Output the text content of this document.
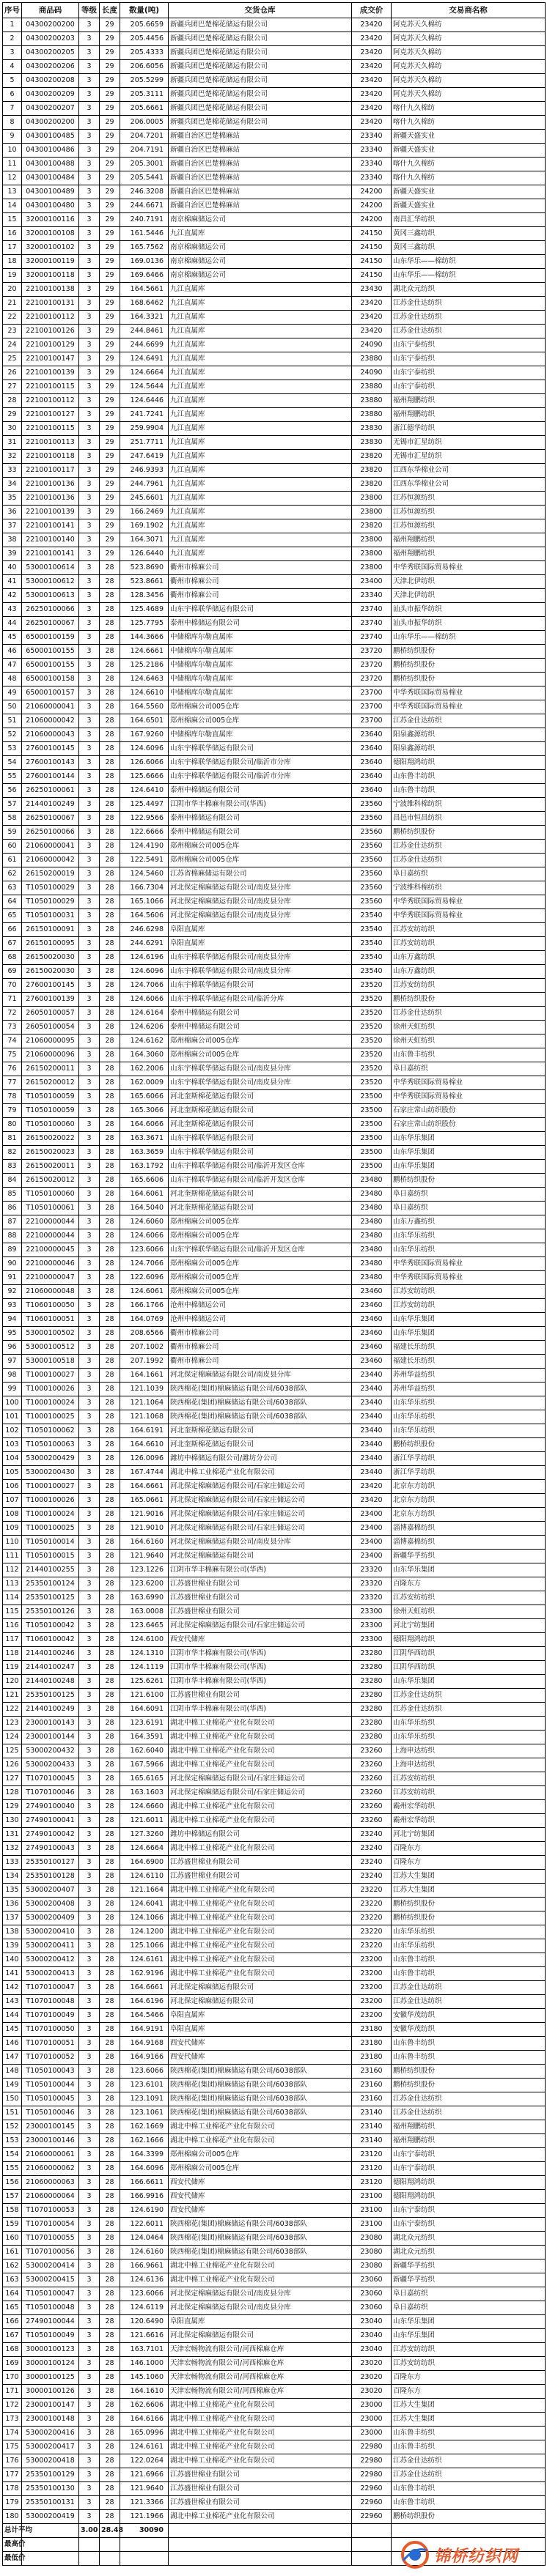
序号	商品码	等级	长度	数量(吨)	交货仓库	成交价	交易商名称
1	04300200200	3	29	205.6659	新疆兵团巴楚棉花储运有限公司	23420	阿克苏天久棉纺
2	04300200203	3	29	205.4456	新疆兵团巴楚棉花储运有限公司	23420	阿克苏天久棉纺
3	04300200205	3	29	205.4333	新疆兵团巴楚棉花储运有限公司	23420	阿克苏天久棉纺
4	04300200206	3	29	206.6056	新疆兵团巴楚棉花储运有限公司	23420	阿克苏天久棉纺
5	04300200208	3	29	205.5299	新疆兵团巴楚棉花储运有限公司	23420	阿克苏天久棉纺
6	04300200209	3	29	205.3111	新疆兵团巴楚棉花储运有限公司	23420	阿克苏天久棉纺
7	04300200207	3	29	205.6661	新疆兵团巴楚棉花储运有限公司	23420	喀什九久棉纺
8	04300200200	3	29	206.0005	新疆兵团巴楚棉花储运有限公司	23420	喀什九久棉纺
9	04300100485	3	29	204.7201	新疆自治区巴楚棉麻站	23340	新疆天盛实业
10	04300100486	3	29	204.7191	新疆自治区巴楚棉麻站	23340	新疆天盛实业
11	04300100488	3	29	205.3001	新疆自治区巴楚棉麻站	23340	喀什九久棉纺
12	04300100484	3	29	205.5441	新疆自治区巴楚棉麻站	23340	喀什九久棉纺
13	04300100489	3	29	246.3208	新疆自治区巴楚棉麻站	24200	新疆天盛实业
14	04300100480	3	29	244.6671	新疆自治区巴楚棉麻站	24200	新疆天盛实业
15	32000100116	3	29	240.7191	南京棉麻储运公司	24200	南昌汇华纺织
16	32000100108	3	29	161.5446	九江直属库	24150	黄冈三鑫纺织
17	32000100102	3	29	165.7562	南京棉麻储运公司	24150	黄冈三鑫纺织
18	32000100119	3	29	169.0136	南京棉麻储运公司	24150	山东华乐——棉纺织
19	32000100118	3	29	169.6466	南京棉麻储运公司	24150	山东华乐——棉纺织
20	22100100138	3	29	164.5661	九江直属库	23430	湖北众元纺织
21	22100100131	3	29	168.6462	九江直属库	23420	江苏金仕达纺织
22	22100100112	3	29	164.3321	九江直属库	23420	江苏金仕达纺织
23	22100100126	3	29	244.8461	九江直属库	23420	江苏金仕达纺织
24	22100100129	3	29	244.6699	九江直属库	24090	山东宁泰纺织
25	22100100147	3	29	124.6491	九江直属库	23880	山东宁泰纺织
26	22100100139	3	29	124.6664	九江直属库	24090	山东宁泰纺织
27	22100100115	3	29	124.5644	九江直属库	23880	山东宁泰纺织
28	22100100112	3	29	124.6446	九江直属库	23880	福州翔鹏纺织
29	22100100127	3	29	241.7241	九江直属库	23880	福州翔鹏纺织
30	22100100115	3	29	259.9904	九江直属库	23830	浙江德华纺织
31	22100100113	3	29	251.7711	九江直属库	23830	无锡市汇星纺织
32	22100100118	3	29	247.6419	九江直属库	23820	无锡市汇星纺织
33	22100100117	3	29	246.9393	九江直属库	23820	江西东华棉业公司
34	22100100136	3	29	244.7961	九江直属库	23820	江西东华棉业公司
35	22100100136	3	29	245.6601	九江直属库	23800	江苏恒源纺织
36	22100100139	3	29	166.2469	九江直属库	23800	江苏恒源纺织
37	22100100141	3	29	169.1902	九江直属库	23820	江苏恒源纺织
38	22100100140	3	29	164.3071	九江直属库	23800	福州翔鹏纺织
39	22100100141	3	29	126.6440	九江直属库	23800	福州翔鹏纺织
40	53000100614	3	28	523.8690	衢州市棉麻公司	23800	中华秀联国际贸易棉业
41	53000100612	3	28	523.8661	衢州市棉麻公司	23400	天津北伊纺织
42	53000100613	3	28	128.3456	衢州市棉麻公司	23340	天津北伊纺织
43	26250100066	3	28	125.4689	山东宇棉联华储运有限公司	23740	汕头市振华纺织
44	26250100067	3	28	125.7795	泰州中棉储运有限公司	23740	汕头市振华纺织
45	65000100159	3	28	144.3666	中储棉库尔勒直属库	23740	山东华乐——棉纺织
46	65000100155	3	28	124.6661	中储棉库尔勒直属库	23720	鹏桥纺织股份
47	65000100155	3	28	125.2186	中储棉库尔勒直属库	23720	鹏桥纺织股份
48	65000100158	3	28	124.6463	中储棉库尔勒直属库	23720	鹏桥纺织股份
49	65000100157	3	28	124.6610	中储棉库尔勒直属库	23700	中华秀联国际贸易棉业
50	21060000041	3	28	164.5560	郑州棉麻公司005仓库	23700	中华秀联国际贸易棉业
51	21060000042	3	28	164.6501	郑州棉麻公司005仓库	23700	江苏金仕达纺织
52	21060000043	3	28	167.9260	中储棉库尔勒直属库	23640	阳泉鑫源纺织
53	27600100145	3	28	124.6096	山东宇棉联华储运有限公司	23640	阳泉鑫源纺织
54	27600100143	3	28	126.6066	山东宇棉联华储运有限公司/临沂市分库	23640	德阳翔鸿纺织
55	27600100144	3	28	125.6666	山东宇棉联华储运有限公司/临沂市分库	23640	山东鲁丰纺织
56	26250100061	3	28	124.6410	泰州中棉储运有限公司	23640	山东鲁丰纺织
57	21440100249	3	28	125.4497	江阴市华丰棉麻有限公司(华西)	23560	宁波维科棉纺织
58	26250100067	3	28	122.9566	泰州中棉储运有限公司	23560	昌邑市恒昌纺织
59	26250100066	3	28	122.6666	泰州中棉储运有限公司	23560	鹏桥纺织股份
60	21060000041	3	28	124.4190	郑州棉麻公司005仓库	23560	江苏金仕达纺织
61	21060000042	3	28	122.5491	郑州棉麻公司005仓库	23560	江苏金仕达纺织
62	26150200019	3	28	124.5460	江苏省棉麻储运有限公司	23560	阜日嘉纺织
63	T1050100029	3	28	166.7304	河北保定棉麻储运有限公司/南皮县分库	23560	宁波维科棉纺织
64	T1050100029	3	28	165.1066	河北保定棉麻储运有限公司/南皮县分库	23560	中华秀联国际贸易棉业
65	T1050100031	3	28	164.5606	河北保定棉麻储运有限公司/南皮县分库	23540	中华秀联国际贸易棉业
66	26150100091	3	28	246.6298	阜阳直属库	23540	江苏安纺纺织
67	26150100095	3	28	244.6291	阜阳直属库	23540	江苏安纺纺织
68	26150020030	3	28	124.6196	山东宇棉联华储运有限公司/南皮县分库	23540	山东万鑫纺织
69	26150020030	3	28	124.6096	山东宇棉联华储运有限公司/南皮县分库	23540	山东万鑫纺织
70	27600100145	3	28	124.7066	山东宇棉联华储运有限公司	23520	江苏安纺纺织
71	27600100139	3	28	124.6066	山东宇棉联华储运有限公司/临沂分库	23520	鹏桥纺织股份
72	26050100057	3	28	124.6164	泰州中棉储运有限公司	23520	江苏金仕达纺织
73	26050100054	3	28	124.6206	泰州中棉储运有限公司	23520	徐州天虹纺织
74	21060000095	3	28	124.6162	郑州棉麻公司005仓库	23520	徐州天虹纺织
75	21060000096	3	28	164.3060	郑州棉麻公司005仓库	23520	山东鲁丰纺织
76	26150200011	3	28	162.2006	山东宇棉联华储运有限公司/南皮县分库	23520	阜日嘉纺织
77	26150200012	3	28	162.0009	山东宇棉联华储运有限公司/南皮县分库	23520	中华秀联国际贸易棉业
78	T1050100059	3	28	165.6066	河北奎斯棉花储运有限公司	23500	中华秀联国际贸易棉业
79	T1050100059	3	28	165.3066	河北奎斯棉花储运有限公司	23500	石家庄常山纺织股份
80	T1050100060	3	28	164.6066	河北奎斯棉花储运有限公司	23500	石家庄常山纺织股份
81	26150020022	3	28	163.3671	山东宇棉联华储运有限公司	23500	山东华乐集团
82	26150020023	3	28	163.3659	山东宇棉联华储运有限公司	23500	山东华乐集团
83	26150020011	3	28	163.1792	山东宇棉联华储运有限公司/临沂开发区仓库	23500	山东华乐集团
84	26150020012	3	28	165.6606	山东宇棉联华储运有限公司/临沂开发区仓库	23480	鹏桥纺织股份
85	T1050100060	3	28	164.6061	河北奎斯棉花储运有限公司	23480	阜日嘉纺织
86	T1050100061	3	28	164.5040	河北奎斯棉花储运有限公司	23480	阜日嘉纺织
87	22100000044	3	28	124.6060	郑州棉麻公司005仓库	23480	山东万鑫纺织
88	22100000044	3	28	124.6066	郑州棉麻公司005仓库	23480	山东华乐纺织
89	22100000045	3	28	123.6066	山东宇棉联华储运有限公司/临沂开发区仓库	23480	山东华乐纺织
90	22100000046	3	28	124.7066	郑州棉麻公司005仓库	23480	中华秀联国际贸易棉业
91	22100000047	3	28	122.6096	郑州棉麻公司005仓库	23480	中华秀联国际贸易棉业
92	21060000048	3	28	124.6061	郑州棉麻公司005仓库	23460	江苏安纺纺织
93	T1060100050	3	28	166.1766	沧州中棉储运公司	23460	江苏安纺纺织
94	T1060100051	3	28	164.0769	沧州中棉储运公司	23460	山东华乐集团
95	53000100502	3	28	208.6566	衢州市棉麻公司	23460	山东华乐集团
96	53000100512	3	28	207.1002	衢州市棉麻公司	23460	福建长乐纺织
97	53000100518	3	28	207.1992	衢州市棉麻公司	23460	福建长乐纺织
98	T1000100027	3	28	164.1661	河北保定棉麻储运有限公司/南皮县分库	23440	苏州华益纺织
99	T1000100026	3	28	121.1039	陕西棉花(集团)棉麻储运有限公司/6038部队	23440	苏州华益纺织
100	T1000100024	3	28	121.1064	陕西棉花(集团)棉麻储运有限公司/6038部队	23440	山东华乐纺织
101	T1000100025	3	28	121.1068	陕西棉花(集团)棉麻储运有限公司/6038部队	23440	山东华乐纺织
102	T1050100062	3	28	164.6191	河北奎斯棉花储运有限公司	23440	山东华乐纺织
103	T1050100063	3	28	164.6610	河北奎斯棉花储运有限公司	23440	鹏桥纺织股份
104	53000200429	3	28	126.0096	潍坊中棉储运有限公司/潍坊分公司	23440	浙江华孚纺织
105	53000200430	3	28	167.4744	湖北中棉工业棉花产业化有限公司	23440	浙江华孚纺织
106	T1000100027	3	28	164.6661	河北保定棉麻储运有限公司/石家庄储运公司	23420	北京东方纺织
107	T1000100026	3	28	165.0661	河北保定棉麻储运有限公司/石家庄储运公司	23420	北京东方纺织
108	T1000100024	3	28	121.9016	河北保定棉麻储运有限公司/石家庄储运公司	23400	北京东方纺织
109	T1000100025	3	28	121.9010	河北保定棉麻储运有限公司/石家庄储运公司	23400	淄博嘉棉纺织
110	T1050100014	3	28	164.6160	河北保定棉麻储运有限公司/南皮县分库	23400	淄博嘉棉纺织
111	T1050100015	3	28	121.9640	河北保定棉麻储运有限公司	23400	新疆华孚纺织
112	21440100255	3	28	123.1226	江阴市华丰棉麻有限公司(华西)	23320	山东华乐集团
113	25350100124	3	28	123.6200	江苏盛世棉业有限公司	23320	百隆东方
114	25350100125	3	28	163.6990	江苏盛世棉业有限公司	23320	江苏安纺纺织
115	25350100126	3	28	163.0008	江苏盛世棉业有限公司	23300	徐州天虹纺织
116	T1050100042	3	28	123.6465	河北保定棉麻储运有限公司/石家庄储运公司	23300	河北宁纺集团
117	T1060100042	3	28	124.6100	西安代储库	23300	德阳翔鸿纺织
118	21440100246	3	28	124.1310	江阴市华丰棉麻有限公司(华西)	23280	江阴华西纺织
119	21440100247	3	28	124.1119	江阴市华丰棉麻有限公司(华西)	23280	江阴华西纺织
120	21440100248	3	28	125.6261	江阴市华丰棉麻有限公司(华西)	23280	山东华乐集团
121	25350100125	3	28	121.6100	江苏盛世棉业有限公司	23280	江苏金仕达纺织
122	21440100249	3	28	164.6091	江阴市华丰棉麻有限公司(华西)	23280	江苏金仕达纺织
123	23000100143	3	28	123.6191	湖北中棉工业棉花产业化有限公司	23280	山东华乐纺织
124	23000100144	3	28	164.3591	湖北中棉工业棉花产业化有限公司	23280	山东华乐纺织
125	53000200432	3	28	162.6040	湖北中棉工业棉花产业化有限公司	23260	上海申达纺织
126	53000200433	3	28	167.5966	湖北中棉工业棉花产业化有限公司	23260	上海申达纺织
127	T1070100045	3	28	165.6165	河北保定棉麻储运有限公司/石家庄储运公司	23260	江苏安纺纺织
128	T1070100046	3	28	163.1603	河北保定棉麻储运有限公司/石家庄储运公司	23260	江苏安纺纺织
129	27490100040	3	28	124.6660	湖北中棉工业棉花产业化有限公司	23260	霸州宏华纺织
130	27490100041	3	28	121.6011	湖北中棉工业棉花产业化有限公司	23260	霸州宏华纺织
131	27490100042	3	28	127.3260	潍坊中棉储运有限公司	23240	河北宁纺集团
132	27490100043	3	28	124.6664	湖北中棉工业棉花产业化有限公司	23240	百隆东方
133	25350100127	3	28	164.6900	江苏盛世棉业有限公司	23240	百隆东方
134	25350100128	3	28	124.6110	江苏盛世棉业有限公司	23240	江苏大生集团
135	53000200407	3	28	121.1664	湖北中棉工业棉花产业化有限公司	23220	江苏大生集团
136	53000200408	3	28	124.6041	湖北中棉工业棉花产业化有限公司	23220	鹏桥纺织股份
137	53000200409	3	28	124.1066	湖北中棉工业棉花产业化有限公司	23220	鹏桥纺织股份
138	53000200410	3	28	124.1200	湖北中棉工业棉花产业化有限公司	23220	山东华乐纺织
139	53000200411	3	28	125.1066	湖北中棉工业棉花产业化有限公司	23220	山东华乐纺织
140	53000200412	3	28	124.6161	湖北中棉工业棉花产业化有限公司	23200	山东鲁丰纺织
141	53000200413	3	28	162.9196	湖北中棉工业棉花产业化有限公司	23200	山东鲁丰纺织
142	T1070100047	3	28	164.6661	河北保定棉麻储运有限公司	23200	江苏金仕达纺织
143	T1070100048	3	28	164.6196	河北保定棉麻储运有限公司	23200	江苏金仕达纺织
144	T1070100049	3	28	164.5466	阜阳直属库	23200	安徽华茂纺织
145	T1070100050	3	28	164.9191	阜阳直属库	23180	安徽华茂纺织
146	T1070100051	3	28	164.9168	西安代储库	23180	山东鲁丰纺织
147	T1070100052	3	28	164.9166	西安代储库	23180	山东鲁丰纺织
148	T1050100043	3	28	123.6066	陕西棉花(集团)棉麻储运有限公司/6038部队	23160	鹏桥纺织股份
149	T1050100044	3	28	123.6101	陕西棉花(集团)棉麻储运有限公司/6038部队	23160	鹏桥纺织股份
150	T1050100045	3	28	123.1091	陕西棉花(集团)棉麻储运有限公司/6038部队	23160	江苏金仕达纺织
151	T1050100046	3	28	123.1061	陕西棉花(集团)棉麻储运有限公司/6038部队	23140	江苏金仕达纺织
152	23000100145	3	28	162.1669	湖北中棉工业棉花产业化有限公司	23140	福州翔鹏纺织
153	23000100146	3	28	162.1666	湖北中棉工业棉花产业化有限公司	23140	福州翔鹏纺织
154	21060000061	3	28	164.3399	郑州棉麻公司005仓库	23120	山东宁泰纺织
155	21060000062	3	28	164.6096	郑州棉麻公司005仓库	23120	山东宁泰纺织
156	21060000063	3	28	166.6611	西安代储库	23120	德阳翔鸿纺织
157	21060000064	3	28	166.9916	西安代储库	23100	德阳翔鸿纺织
158	T1070100053	3	28	124.6190	西安代储库	23100	山东宁泰纺织
159	T1070100054	3	28	122.6011	陕西棉花(集团)棉麻储运有限公司/6038部队	23100	山东宁泰纺织
160	T1070100055	3	28	124.0464	陕西棉花(集团)棉麻储运有限公司/6038部队	23080	湖北众元纺织
161	T1070100056	3	28	124.6160	陕西棉花(集团)棉麻储运有限公司/6038部队	23080	湖北众元纺织
162	53000200414	3	28	166.9661	湖北中棉工业棉花产业化有限公司	23080	新疆华孚纺织
163	53000200415	3	28	124.6136	湖北中棉工业棉花产业化有限公司	23060	新疆华孚纺织
164	T1050100047	3	28	123.6066	河北保定棉麻储运有限公司/南皮县分库	23060	阜日嘉纺织
165	T1050100048	3	28	124.6119	河北保定棉麻储运有限公司/南皮县分库	23060	阜日嘉纺织
166	27490100044	3	28	120.6490	阜阳直属库	23040	山东华乐集团
167	T1050100049	3	28	121.6616	河北保定棉麻储运有限公司	23040	山东华乐集团
168	30000100123	3	28	163.7101	天津宏畅物流有限公司/河西棉麻仓库	23040	江苏安纺纺织
169	30000100124	3	28	146.1000	天津宏畅物流有限公司/河西棉麻仓库	23020	江苏安纺纺织
170	30000100125	3	28	145.1060	天津宏畅物流有限公司/河西棉麻仓库	23020	百隆东方
171	30000100126	3	28	164.1610	天津宏畅物流有限公司/河西棉麻仓库	23020	百隆东方
172	23000100147	3	28	162.6606	湖北中棉工业棉花产业化有限公司	23000	江苏大生集团
173	23000100148	3	28	164.6166	湖北中棉工业棉花产业化有限公司	23000	江苏大生集团
174	53000200416	3	28	165.0996	湖北中棉工业棉花产业化有限公司	23000	山东鲁丰纺织
175	53000200417	3	28	124.6161	湖北中棉工业棉花产业化有限公司	22980	山东鲁丰纺织
176	53000200418	3	28	122.0264	湖北中棉工业棉花产业化有限公司	22980	江苏金仕达纺织
177	25350100129	3	28	121.6966	江苏盛世棉业有限公司	22980	江苏金仕达纺织
178	25350100130	3	28	121.9640	江苏盛世棉业有限公司	22960	山东鲁丰纺织
179	25350100131	3	28	121.3366	江苏盛世棉业有限公司	22960	山东鲁丰纺织
180	53000200419	3	28	121.1966	湖北中棉工业棉花产业化有限公司	22960	鹏桥纺织股份
总计平均		3.00	28.48	30090			
最高价							
最低价								锦桥纺织网
